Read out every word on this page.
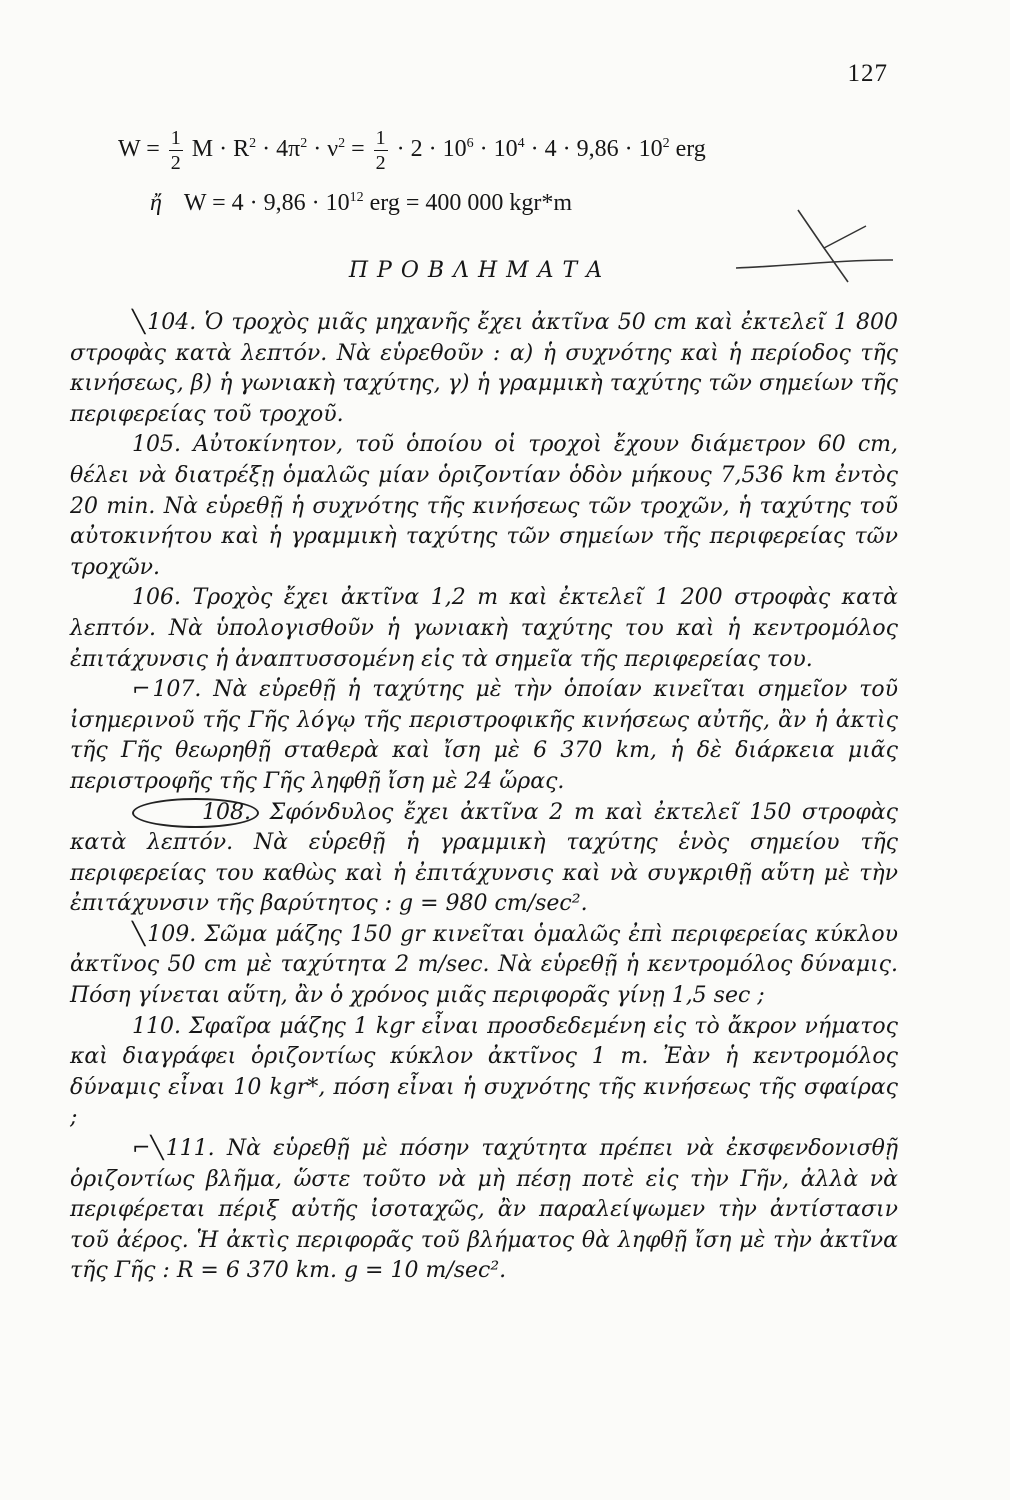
127
$W = \frac{1}{2}$ $M \cdot R^2 \cdot 4\pi^2 \cdot \nu^2 = \frac{1}{2} \cdot 2 \cdot 10^6 \cdot 10^4 \cdot 4 \cdot 9,86 \cdot 10^2$ erg
ἤ $W = 4 \cdot 9,86 \cdot 10^{12}$ erg = 400 000 kgr*m
ΠΡΟΒΛΗΜΑΤΑ

╲104. Ὁ τροχὸς μιᾶς μηχανῆς ἔχει ἀκτῖνα 50 cm καὶ ἐκτελεῖ 1 800 στροφὰς κατὰ λεπτόν. Νὰ εὑρεθοῦν : α) ἡ συχνότης καὶ ἡ περίοδος τῆς κινήσεως, β) ἡ γωνιακὴ ταχύτης, γ) ἡ γραμμικὴ ταχύτης τῶν σημείων τῆς περιφερείας τοῦ τροχοῦ.

105. Αὐτοκίνητον, τοῦ ὁποίου οἱ τροχοὶ ἔχουν διάμετρον 60 cm, θέλει νὰ διατρέξῃ ὁμαλῶς μίαν ὁριζοντίαν ὁδὸν μήκους 7,536 km ἐντὸς 20 min. Νὰ εὑρεθῇ ἡ συχνότης τῆς κινήσεως τῶν τροχῶν, ἡ ταχύτης τοῦ αὐτοκινήτου καὶ ἡ γραμμικὴ ταχύτης τῶν σημείων τῆς περιφερείας τῶν τροχῶν.

106. Τροχὸς ἔχει ἀκτῖνα 1,2 m καὶ ἐκτελεῖ 1 200 στροφὰς κατὰ λεπτόν. Νὰ ὑπολογισθοῦν ἡ γωνιακὴ ταχύτης του καὶ ἡ κεντρομόλος ἐπιτάχυνσις ἡ ἀναπτυσσομένη εἰς τὰ σημεῖα τῆς περιφερείας του.

⌐107. Νὰ εὑρεθῇ ἡ ταχύτης μὲ τὴν ὁποίαν κινεῖται σημεῖον τοῦ ἰσημερινοῦ τῆς Γῆς λόγῳ τῆς περιστροφικῆς κινήσεως αὐτῆς, ἂν ἡ ἀκτὶς τῆς Γῆς θεωρηθῇ σταθερὰ καὶ ἴση μὲ 6 370 km, ἡ δὲ διάρκεια μιᾶς περιστροφῆς τῆς Γῆς ληφθῇ ἴση μὲ 24 ὥρας.

108. Σφόνδυλος ἔχει ἀκτῖνα 2 m καὶ ἐκτελεῖ 150 στροφὰς κατὰ λεπτόν. Νὰ εὑρεθῇ ἡ γραμμικὴ ταχύτης ἑνὸς σημείου τῆς περιφερείας του καθὼς καὶ ἡ ἐπιτάχυνσις καὶ νὰ συγκριθῇ αὕτη μὲ τὴν ἐπιτάχυνσιν τῆς βαρύτητος : g = 980 cm/sec².

╲109. Σῶμα μάζης 150 gr κινεῖται ὁμαλῶς ἐπὶ περιφερείας κύκλου ἀκτῖνος 50 cm μὲ ταχύτητα 2 m/sec. Νὰ εὑρεθῇ ἡ κεντρομόλος δύναμις. Πόση γίνεται αὕτη, ἂν ὁ χρόνος μιᾶς περιφορᾶς γίνῃ 1,5 sec ;

110. Σφαῖρα μάζης 1 kgr εἶναι προσδεδεμένη εἰς τὸ ἄκρον νήματος καὶ διαγράφει ὁριζοντίως κύκλον ἀκτῖνος 1 m. Ἐὰν ἡ κεντρομόλος δύναμις εἶναι 10 kgr*, πόση εἶναι ἡ συχνότης τῆς κινήσεως τῆς σφαίρας ;

⌐╲111. Νὰ εὑρεθῇ μὲ πόσην ταχύτητα πρέπει νὰ ἐκσφενδονισθῇ ὁριζοντίως βλῆμα, ὥστε τοῦτο νὰ μὴ πέσῃ ποτὲ εἰς τὴν Γῆν, ἀλλὰ νὰ περιφέρεται πέριξ αὐτῆς ἰσοταχῶς, ἂν παραλείψωμεν τὴν ἀντίστασιν τοῦ ἀέρος. Ἡ ἀκτὶς περιφορᾶς τοῦ βλήματος θὰ ληφθῇ ἴση μὲ τὴν ἀκτῖνα τῆς Γῆς : R = 6 370 km. g = 10 m/sec².
